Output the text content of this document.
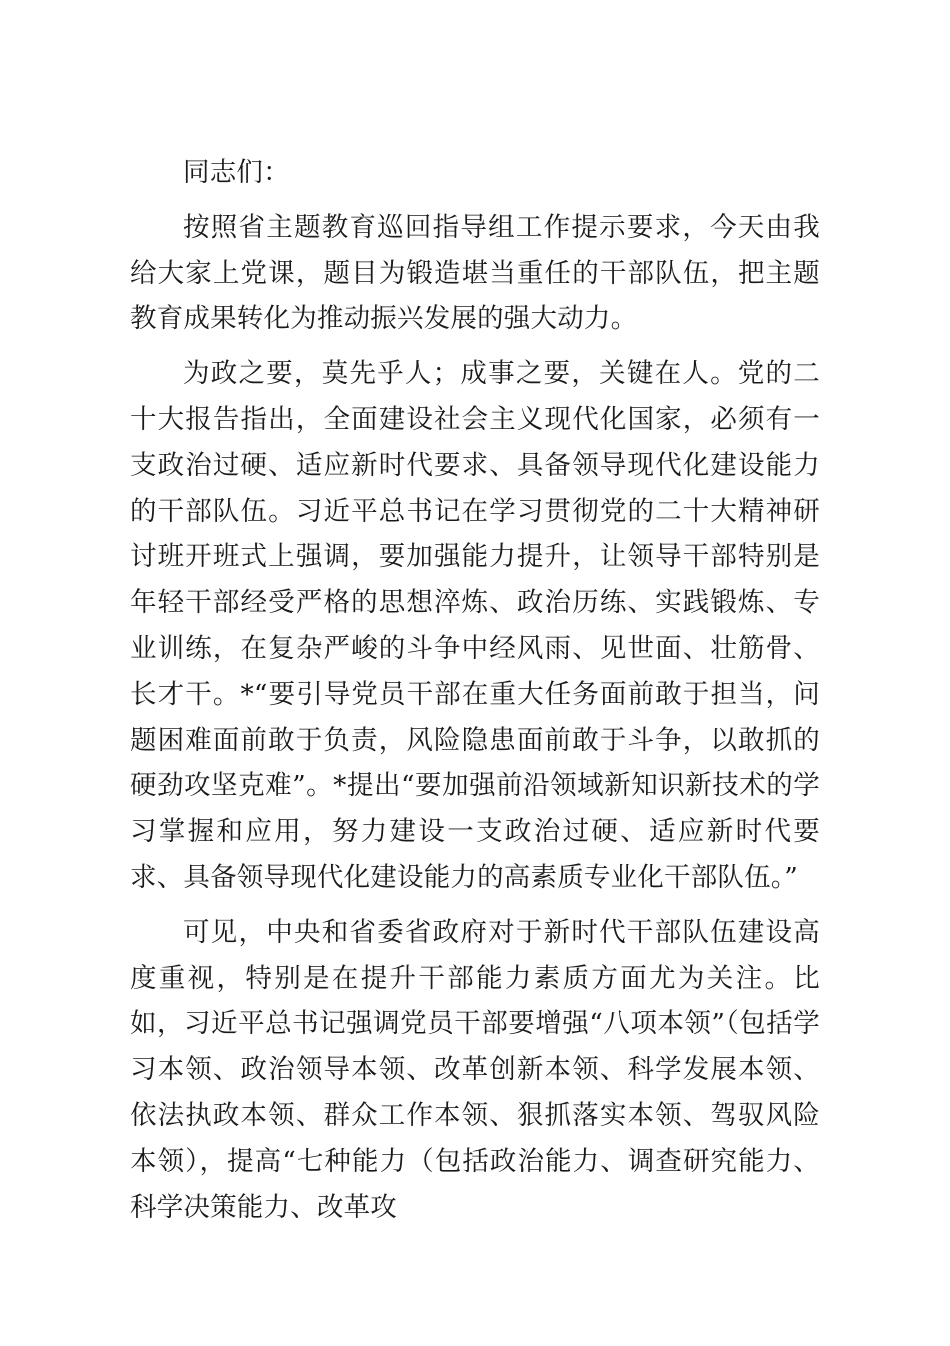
同志们：

按照省主题教育巡回指导组工作提示要求，今天由我给大家上党课，题目为锻造堪当重任的干部队伍，把主题教育成果转化为推动振兴发展的强大动力。

为政之要，莫先乎人；成事之要，关键在人。党的二十大报告指出，全面建设社会主义现代化国家，必须有一支政治过硬、适应新时代要求、具备领导现代化建设能力的干部队伍。习近平总书记在学习贯彻党的二十大精神研讨班开班式上强调，要加强能力提升，让领导干部特别是年轻干部经受严格的思想淬炼、政治历练、实践锻炼、专业训练，在复杂严峻的斗争中经风雨、见世面、壮筋骨、长才干。*“要引导党员干部在重大任务面前敢于担当，问题困难面前敢于负责，风险隐患面前敢于斗争，以敢抓的硬劲攻坚克难”。*提出“要加强前沿领域新知识新技术的学习掌握和应用，努力建设一支政治过硬、适应新时代要求、具备领导现代化建设能力的高素质专业化干部队伍。”

可见，中央和省委省政府对于新时代干部队伍建设高度重视，特别是在提升干部能力素质方面尤为关注。比如，习近平总书记强调党员干部要增强“八项本领”（包括学习本领、政治领导本领、改革创新本领、科学发展本领、依法执政本领、群众工作本领、狠抓落实本领、驾驭风险本领），提高“七种能力（包括政治能力、调查研究能力、科学决策能力、改革攻
